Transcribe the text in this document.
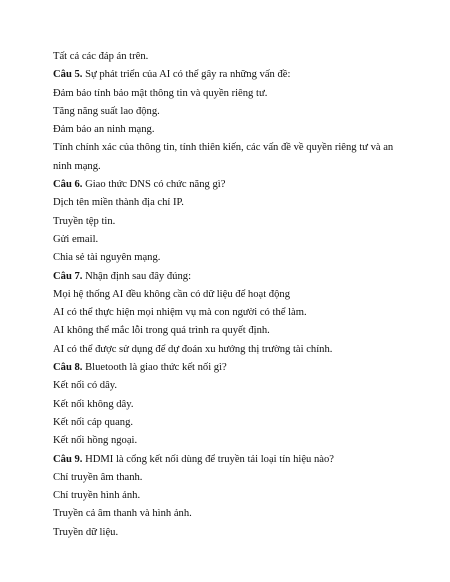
Tất cả các đáp án trên.
Câu 5. Sự phát triển của AI có thể gây ra những vấn đề:
Đảm bảo tính bảo mật thông tin và quyền riêng tư.
Tăng năng suất lao động.
Đảm bảo an ninh mạng.
Tính chính xác của thông tin, tính thiên kiến, các vấn đề về quyền riêng tư và an ninh mạng.
Câu 6. Giao thức DNS có chức năng gì?
Dịch tên miền thành địa chỉ IP.
Truyền tệp tin.
Gửi email.
Chia sẻ tài nguyên mạng.
Câu 7. Nhận định sau đây đúng:
Mọi hệ thống AI đều không cần có dữ liệu để hoạt động
AI có thể thực hiện mọi nhiệm vụ mà con người có thể làm.
AI không thể mắc lỗi trong quá trình ra quyết định.
AI có thể được sử dụng để dự đoán xu hướng thị trường tài chính.
Câu 8. Bluetooth là giao thức kết nối gì?
Kết nối có dây.
Kết nối không dây.
Kết nối cáp quang.
Kết nối hồng ngoại.
Câu 9. HDMI là cổng kết nối dùng để truyền tải loại tín hiệu nào?
Chỉ truyền âm thanh.
Chỉ truyền hình ảnh.
Truyền cả âm thanh và hình ảnh.
Truyền dữ liệu.
